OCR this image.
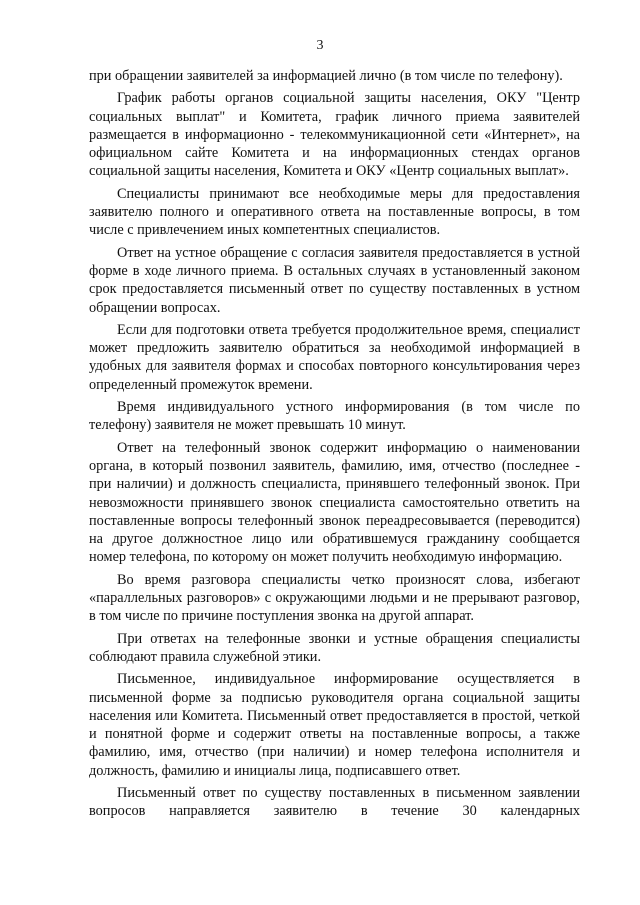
3

при обращении заявителей за информацией лично (в том числе по телефону).

График работы органов социальной защиты населения, ОКУ "Центр социальных выплат" и Комитета, график личного приема заявителей размещается в информационно - телекоммуникационной сети «Интернет», на официальном сайте Комитета и на информационных стендах органов социальной защиты населения, Комитета и ОКУ «Центр социальных выплат».

Специалисты принимают все необходимые меры для предоставления заявителю полного и оперативного ответа на поставленные вопросы, в том числе с привлечением иных компетентных специалистов.

Ответ на устное обращение с согласия заявителя предоставляется в устной форме в ходе личного приема. В остальных случаях в установленный законом срок предоставляется письменный ответ по существу поставленных в устном обращении вопросах.

Если для подготовки ответа требуется продолжительное время, специалист может предложить заявителю обратиться за необходимой информацией в удобных для заявителя формах и способах повторного консультирования через определенный промежуток времени.

Время индивидуального устного информирования (в том числе по телефону) заявителя не может превышать 10 минут.

Ответ на телефонный звонок содержит информацию о наименовании органа, в который позвонил заявитель, фамилию, имя, отчество (последнее - при наличии) и должность специалиста, принявшего телефонный звонок. При невозможности принявшего звонок специалиста самостоятельно ответить на поставленные вопросы телефонный звонок переадресовывается (переводится) на другое должностное лицо или обратившемуся гражданину сообщается номер телефона, по которому он может получить необходимую информацию.

Во время разговора специалисты четко произносят слова, избегают «параллельных разговоров» с окружающими людьми и не прерывают разговор, в том числе по причине поступления звонка на другой аппарат.

При ответах на телефонные звонки и устные обращения специалисты соблюдают правила служебной этики.

Письменное, индивидуальное информирование осуществляется в письменной форме за подписью руководителя органа социальной защиты населения или Комитета. Письменный ответ предоставляется в простой, четкой и понятной форме и содержит ответы на поставленные вопросы, а также фамилию, имя, отчество (при наличии) и номер телефона исполнителя и должность, фамилию и инициалы лица, подписавшего ответ.

Письменный ответ по существу поставленных в письменном заявлении вопросов направляется заявителю в течение 30 календарных
